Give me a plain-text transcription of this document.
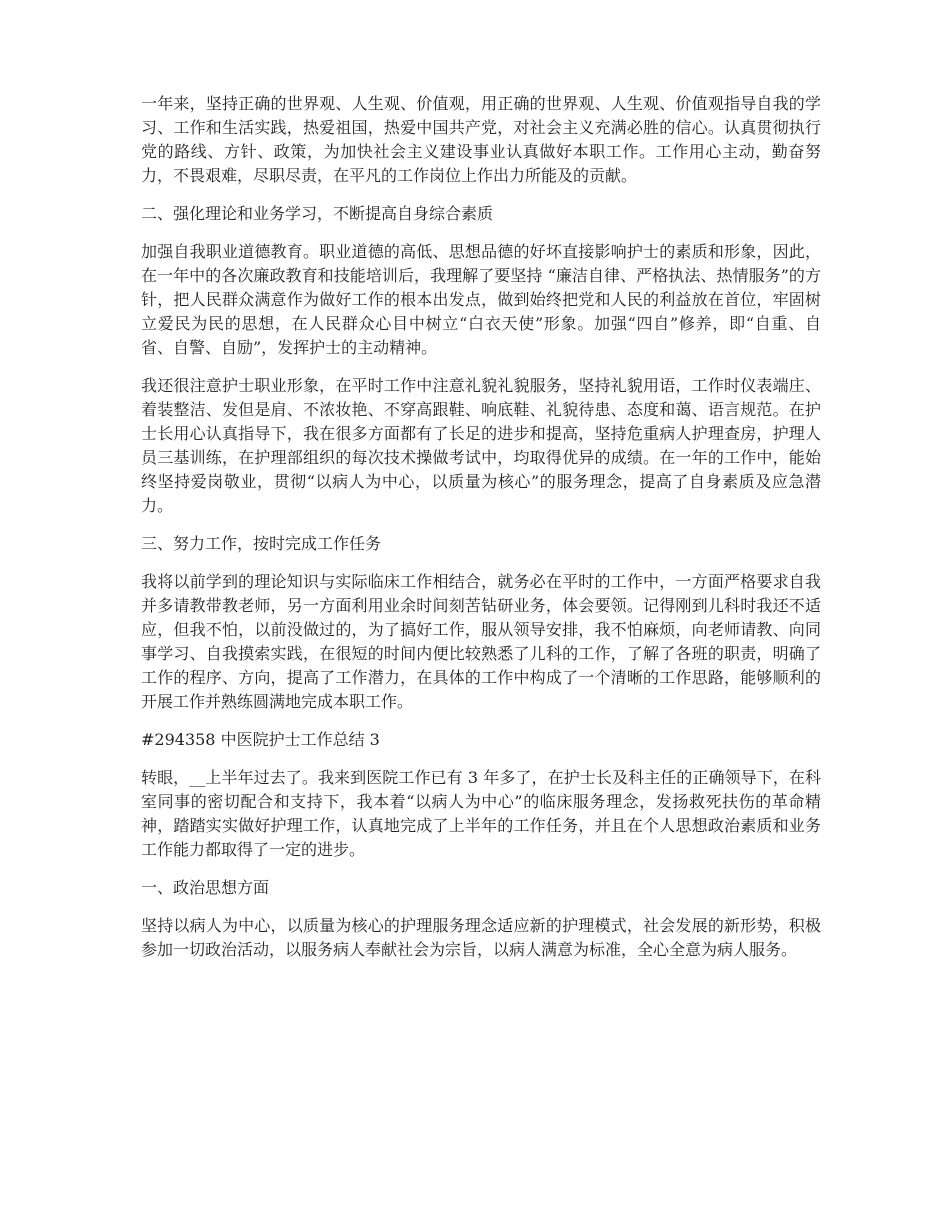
一年来，坚持正确的世界观、人生观、价值观，用正确的世界观、人生观、价值观指导自我的学习、工作和生活实践，热爱祖国，热爱中国共产党，对社会主义充满必胜的信心。认真贯彻执行党的路线、方针、政策，为加快社会主义建设事业认真做好本职工作。工作用心主动，勤奋努力，不畏艰难，尽职尽责，在平凡的工作岗位上作出力所能及的贡献。

二、强化理论和业务学习，不断提高自身综合素质

加强自我职业道德教育。职业道德的高低、思想品德的好坏直接影响护士的素质和形象，因此，在一年中的各次廉政教育和技能培训后，我理解了要坚持 “廉洁自律、严格执法、热情服务”的方针，把人民群众满意作为做好工作的根本出发点，做到始终把党和人民的利益放在首位，牢固树立爱民为民的思想，在人民群众心目中树立“白衣天使”形象。加强“四自”修养，即“自重、自省、自警、自励”，发挥护士的主动精神。

我还很注意护士职业形象，在平时工作中注意礼貌礼貌服务，坚持礼貌用语，工作时仪表端庄、着装整洁、发但是肩、不浓妆艳、不穿高跟鞋、响底鞋、礼貌待患、态度和蔼、语言规范。在护士长用心认真指导下，我在很多方面都有了长足的进步和提高，坚持危重病人护理查房，护理人员三基训练，在护理部组织的每次技术操做考试中，均取得优异的成绩。在一年的工作中，能始终坚持爱岗敬业，贯彻“以病人为中心，以质量为核心”的服务理念，提高了自身素质及应急潜力。

三、努力工作，按时完成工作任务

我将以前学到的理论知识与实际临床工作相结合，就务必在平时的工作中，一方面严格要求自我并多请教带教老师，另一方面利用业余时间刻苦钻研业务，体会要领。记得刚到儿科时我还不适应，但我不怕，以前没做过的，为了搞好工作，服从领导安排，我不怕麻烦，向老师请教、向同事学习、自我摸索实践，在很短的时间内便比较熟悉了儿科的工作，了解了各班的职责，明确了工作的程序、方向，提高了工作潜力，在具体的工作中构成了一个清晰的工作思路，能够顺利的开展工作并熟练圆满地完成本职工作。

#294358 中医院护士工作总结 3

转眼，__上半年过去了。我来到医院工作已有 3 年多了，在护士长及科主任的正确领导下，在科室同事的密切配合和支持下，我本着“以病人为中心”的临床服务理念，发扬救死扶伤的革命精神，踏踏实实做好护理工作，认真地完成了上半年的工作任务，并且在个人思想政治素质和业务工作能力都取得了一定的进步。

一、政治思想方面

坚持以病人为中心，以质量为核心的护理服务理念适应新的护理模式，社会发展的新形势，积极参加一切政治活动，以服务病人奉献社会为宗旨，以病人满意为标准，全心全意为病人服务。
